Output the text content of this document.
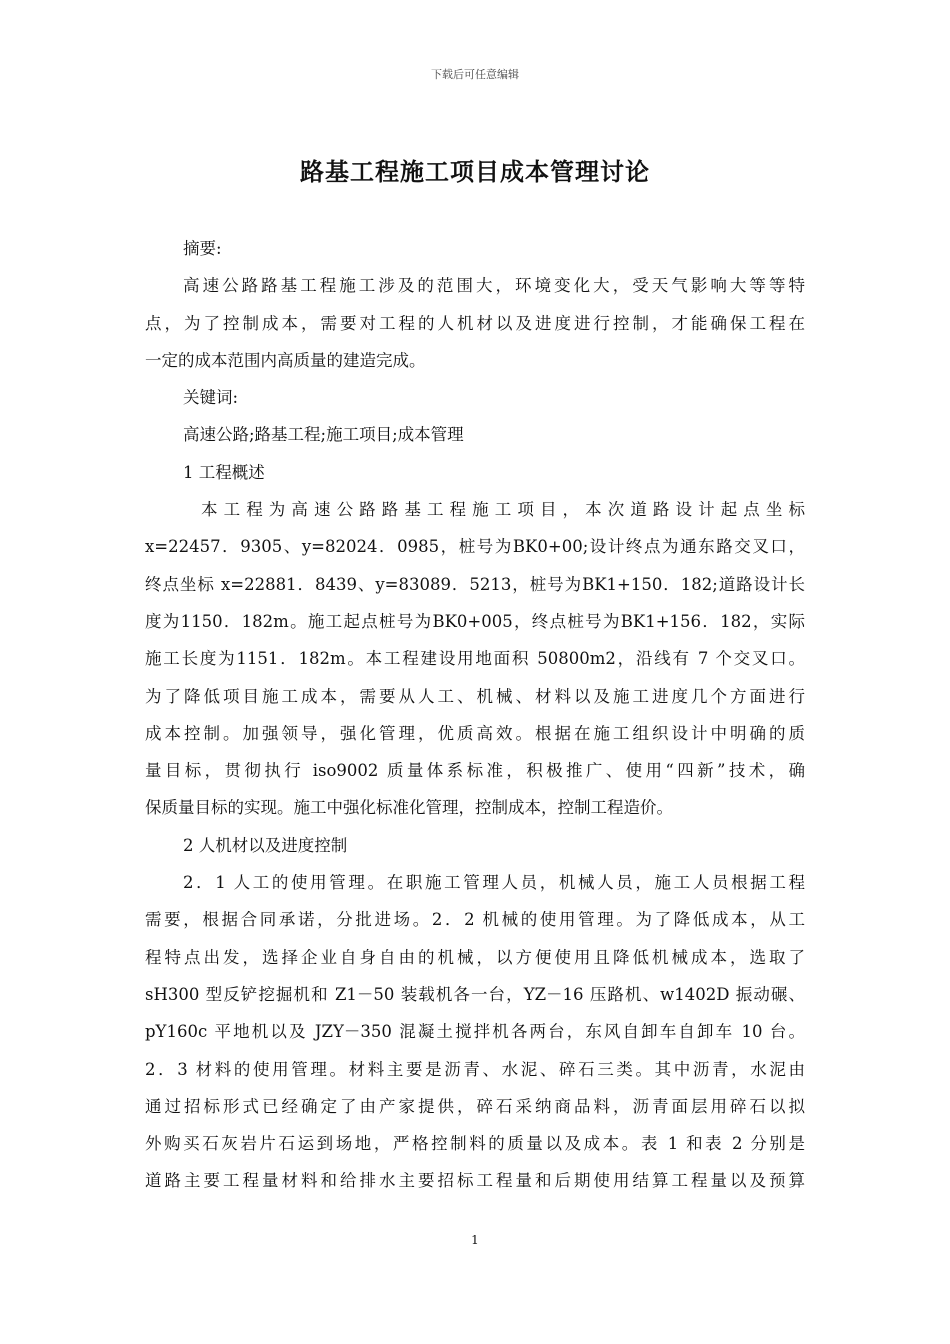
下载后可任意编辑
路基工程施工项目成本管理讨论
摘要:
高速公路路基工程施工涉及的范围大，环境变化大，受天气影响大等等特
点，为了控制成本，需要对工程的人机材以及进度进行控制，才能确保工程在
一定的成本范围内高质量的建造完成。
关键词:
高速公路;路基工程;施工项目;成本管理
1 工程概述
本工程为高速公路路基工程施工项目，本次道路设计起点坐标
x=22457．9305、y=82024．0985，桩号为BK0+00;设计终点为通东路交叉口，
终点坐标 x=22881．8439、y=83089．5213，桩号为BK1+150．182;道路设计长
度为1150．182m。施工起点桩号为BK0+005，终点桩号为BK1+156．182，实际
施工长度为1151．182m。本工程建设用地面积 50800m2，沿线有 7 个交叉口。
为了降低项目施工成本，需要从人工、机械、材料以及施工进度几个方面进行
成本控制。加强领导，强化管理，优质高效。根据在施工组织设计中明确的质
量目标，贯彻执行 iso9002 质量体系标准，积极推广、使用“四新”技术，确
保质量目标的实现。施工中强化标准化管理，控制成本，控制工程造价。
2 人机材以及进度控制
2．1 人工的使用管理。在职施工管理人员，机械人员，施工人员根据工程
需要，根据合同承诺，分批进场。2．2 机械的使用管理。为了降低成本，从工
程特点出发，选择企业自身自由的机械，以方便使用且降低机械成本，选取了
sH300 型反铲挖掘机和 Z1－50 装载机各一台，YZ－16 压路机、w1402D 振动碾、
pY160c 平地机以及 JZY－350 混凝土搅拌机各两台，东风自卸车自卸车 10 台。
2．3 材料的使用管理。材料主要是沥青、水泥、碎石三类。其中沥青，水泥由
通过招标形式已经确定了由产家提供，碎石采纳商品料，沥青面层用碎石以拟
外购买石灰岩片石运到场地，严格控制料的质量以及成本。表 1 和表 2 分别是
道路主要工程量材料和给排水主要招标工程量和后期使用结算工程量以及预算
1
